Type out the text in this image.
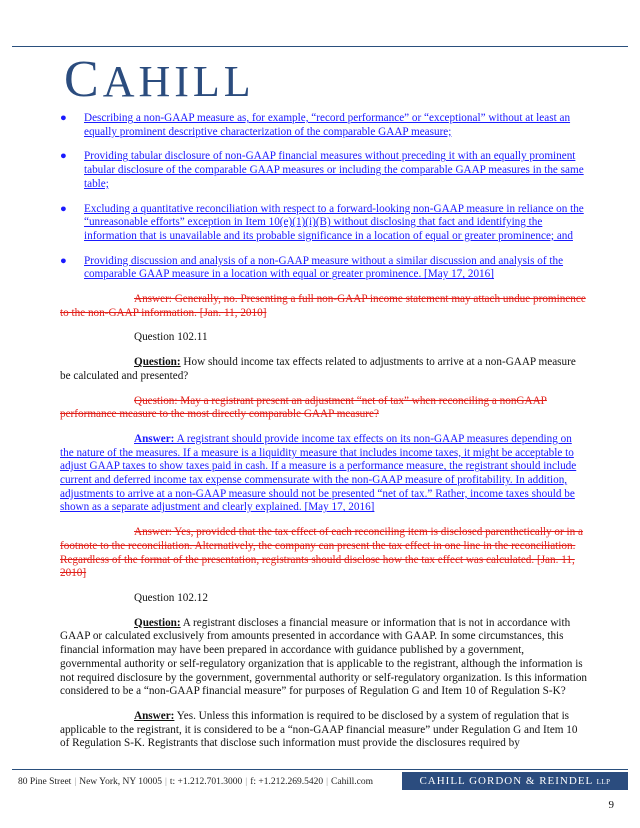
CAHILL
● Describing a non-GAAP measure as, for example, “record performance” or “exceptional” without at least an equally prominent descriptive characterization of the comparable GAAP measure;
● Providing tabular disclosure of non-GAAP financial measures without preceding it with an equally prominent tabular disclosure of the comparable GAAP measures or including the comparable GAAP measures in the same table;
● Excluding a quantitative reconciliation with respect to a forward-looking non-GAAP measure in reliance on the “unreasonable efforts” exception in Item 10(e)(1)(i)(B) without disclosing that fact and identifying the information that is unavailable and its probable significance in a location of equal or greater prominence; and
● Providing discussion and analysis of a non-GAAP measure without a similar discussion and analysis of the comparable GAAP measure in a location with equal or greater prominence. [May 17, 2016]

Answer: Generally, no. Presenting a full non-GAAP income statement may attach undue prominence to the non-GAAP information. [Jan. 11, 2010]

Question 102.11

Question: How should income tax effects related to adjustments to arrive at a non-GAAP measure be calculated and presented?

Question: May a registrant present an adjustment “net of tax” when reconciling a nonGAAP performance measure to the most directly comparable GAAP measure?

Answer: A registrant should provide income tax effects on its non-GAAP measures depending on the nature of the measures. If a measure is a liquidity measure that includes income taxes, it might be acceptable to adjust GAAP taxes to show taxes paid in cash. If a measure is a performance measure, the registrant should include current and deferred income tax expense commensurate with the non-GAAP measure of profitability. In addition, adjustments to arrive at a non-GAAP measure should not be presented “net of tax.” Rather, income taxes should be shown as a separate adjustment and clearly explained. [May 17, 2016]

Answer: Yes, provided that the tax effect of each reconciling item is disclosed parenthetically or in a footnote to the reconciliation. Alternatively, the company can present the tax effect in one line in the reconciliation. Regardless of the format of the presentation, registrants should disclose how the tax effect was calculated. [Jan. 11, 2010]

Question 102.12

Question: A registrant discloses a financial measure or information that is not in accordance with GAAP or calculated exclusively from amounts presented in accordance with GAAP. In some circumstances, this financial information may have been prepared in accordance with guidance published by a government, governmental authority or self-regulatory organization that is applicable to the registrant, although the information is not required disclosure by the government, governmental authority or self-regulatory organization. Is this information considered to be a “non-GAAP financial measure” for purposes of Regulation G and Item 10 of Regulation S-K?

Answer: Yes. Unless this information is required to be disclosed by a system of regulation that is applicable to the registrant, it is considered to be a “non-GAAP financial measure” under Regulation G and Item 10 of Regulation S-K. Registrants that disclose such information must provide the disclosures required by

80 Pine Street | New York, NY 10005 | t: +1.212.701.3000 | f: +1.212.269.5420 | Cahill.com	CAHILL GORDON & REINDEL LLP
9
